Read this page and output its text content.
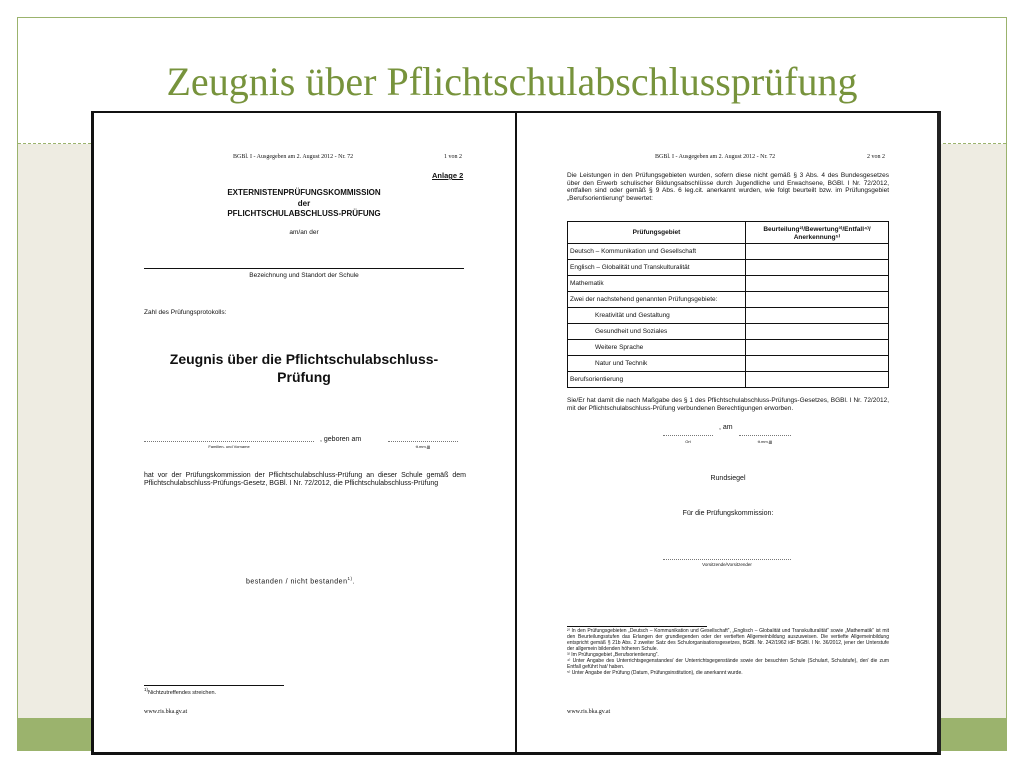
Zeugnis über Pflichtschulabschlussprüfung
BGBl. I - Ausgegeben am 2. August 2012 - Nr. 72	1 von 2
Anlage 2
EXTERNISTENPRÜFUNGSKOMMISSION
der
PFLICHTSCHULABSCHLUSS-PRÜFUNG
am/an der
Bezeichnung und Standort der Schule
Zahl des Prüfungsprotokolls:
Zeugnis über die Pflichtschulabschluss-
Prüfung
, geboren am
Familien- und Vorname	tt.mm.jjjj
hat vor der Prüfungskommission der Pflichtschulabschluss-Prüfung an dieser Schule gemäß dem Pflichtschulabschluss-Prüfungs-Gesetz, BGBl. I Nr. 72/2012, die Pflichtschulabschluss-Prüfung
bestanden / nicht bestanden$^{1)}$.
$^{1)}$Nichtzutreffendes streichen.
www.ris.bka.gv.at
BGBl. I - Ausgegeben am 2. August 2012 - Nr. 72	2 von 2
Die Leistungen in den Prüfungsgebieten wurden, sofern diese nicht gemäß § 3 Abs. 4 des Bundesgesetzes über den Erwerb schulischer Bildungsabschlüsse durch Jugendliche und Erwachsene, BGBl. I Nr. 72/2012, entfallen sind oder gemäß § 9 Abs. 6 leg.cit. anerkannt wurden, wie folgt beurteilt bzw. im Prüfungsgebiet „Berufsorientierung“ bewertet:
Prüfungsgebiet	Beurteilung²⁾/Bewertung³⁾/Entfall⁴⁾/ Anerkennung⁵⁾
Deutsch – Kommunikation und Gesellschaft	
Englisch – Globalität und Transkulturalität	
Mathematik	
Zwei der nachstehend genannten Prüfungsgebiete:	
Kreativität und Gestaltung	
Gesundheit und Soziales	
Weitere Sprache	
Natur und Technik	
Berufsorientierung	
Sie/Er hat damit die nach Maßgabe des § 1 des Pflichtschulabschluss-Prüfungs-Gesetzes, BGBl. I Nr. 72/2012, mit der Pflichtschulabschluss-Prüfung verbundenen Berechtigungen erworben.
, am
Ort	tt.mm.jjjj
Rundsiegel
Für die Prüfungskommission:
Vorsitzende/Vorsitzender
²⁾ In den Prüfungsgebieten „Deutsch – Kommunikation und Gesellschaft“, „Englisch – Globalität und Transkulturalität“ sowie „Mathematik“ ist mit den Beurteilungsstufen das Erlangen der grundlegenden oder der vertieften Allgemeinbildung auszuweisen. Die vertiefte Allgemeinbildung entspricht gemäß § 21b Abs. 2 zweiter Satz des Schulorganisationsgesetzes, BGBl. Nr. 242/1962 idF BGBl. I Nr. 36/2012, jener der Unterstufe der allgemein bildenden höheren Schule.
³⁾ Im Prüfungsgebiet „Berufsorientierung“.
⁴⁾ Unter Angabe des Unterrichtsgegenstandes/ der Unterrichtsgegenstände sowie der besuchten Schule (Schulart, Schulstufe), der/ die zum Entfall geführt hat/ haben.
⁵⁾ Unter Angabe der Prüfung (Datum, Prüfungsinstitution), die anerkannt wurde.
www.ris.bka.gv.at
